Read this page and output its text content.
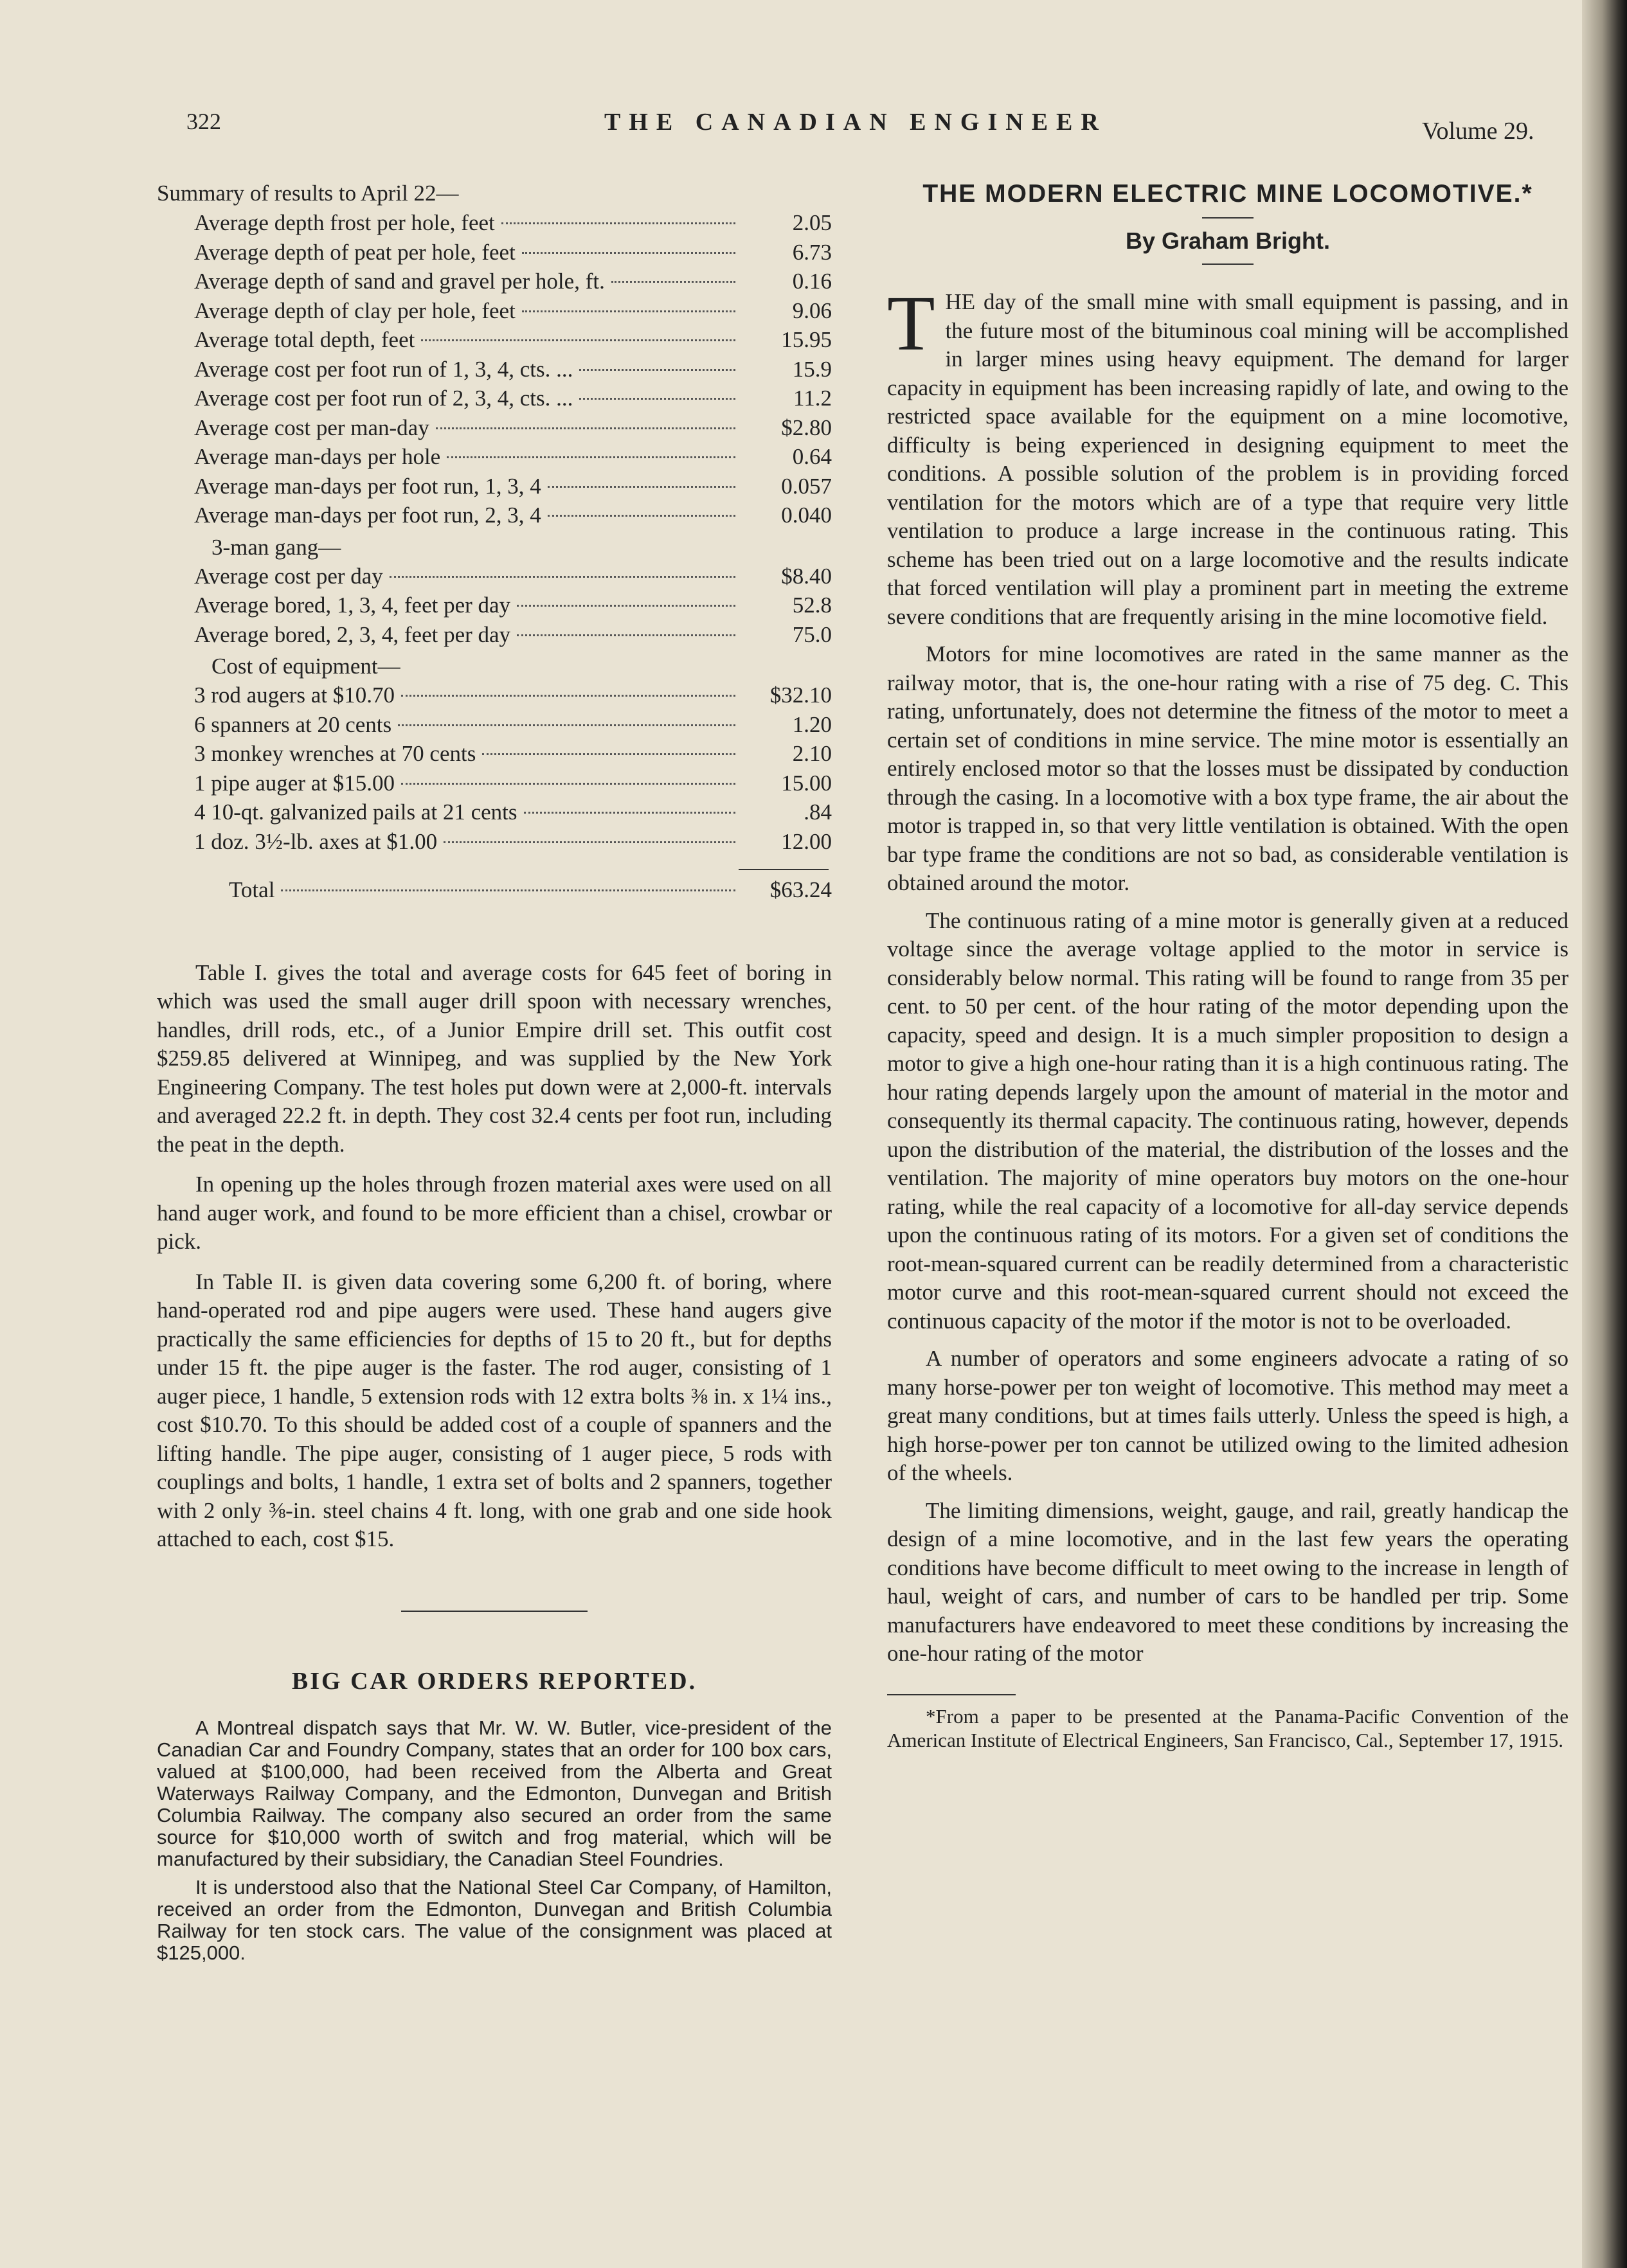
322	THE CANADIAN ENGINEER	Volume 29.
Summary of results to April 22—
Average depth frost per hole, feet	2.05
Average depth of peat per hole, feet	6.73
Average depth of sand and gravel per hole, ft.	0.16
Average depth of clay per hole, feet	9.06
Average total depth, feet	15.95
Average cost per foot run of 1, 3, 4, cts. ...	15.9
Average cost per foot run of 2, 3, 4, cts. ...	11.2
Average cost per man-day	$2.80
Average man-days per hole	0.64
Average man-days per foot run, 1, 3, 4	0.057
Average man-days per foot run, 2, 3, 4	0.040
3-man gang—
Average cost per day	$8.40
Average bored, 1, 3, 4, feet per day	52.8
Average bored, 2, 3, 4, feet per day	75.0
Cost of equipment—
3 rod augers at $10.70	$32.10
6 spanners at 20 cents	1.20
3 monkey wrenches at 70 cents	2.10
1 pipe auger at $15.00	15.00
4 10-qt. galvanized pails at 21 cents	.84
1 doz. 3½-lb. axes at $1.00	12.00
Total	$63.24

Table I. gives the total and average costs for 645 feet of boring in which was used the small auger drill spoon with necessary wrenches, handles, drill rods, etc., of a Junior Empire drill set. This outfit cost $259.85 delivered at Winnipeg, and was supplied by the New York Engineering Company. The test holes put down were at 2,000-ft. intervals and averaged 22.2 ft. in depth. They cost 32.4 cents per foot run, including the peat in the depth.

In opening up the holes through frozen material axes were used on all hand auger work, and found to be more efficient than a chisel, crowbar or pick.

In Table II. is given data covering some 6,200 ft. of boring, where hand-operated rod and pipe augers were used. These hand augers give practically the same efficiencies for depths of 15 to 20 ft., but for depths under 15 ft. the pipe auger is the faster. The rod auger, consisting of 1 auger piece, 1 handle, 5 extension rods with 12 extra bolts ⅜ in. x 1¼ ins., cost $10.70. To this should be added cost of a couple of spanners and the lifting handle. The pipe auger, consisting of 1 auger piece, 5 rods with couplings and bolts, 1 handle, 1 extra set of bolts and 2 spanners, together with 2 only ⅜-in. steel chains 4 ft. long, with one grab and one side hook attached to each, cost $15.

BIG CAR ORDERS REPORTED.

A Montreal dispatch says that Mr. W. W. Butler, vice-president of the Canadian Car and Foundry Company, states that an order for 100 box cars, valued at $100,000, had been received from the Alberta and Great Waterways Railway Company, and the Edmonton, Dunvegan and British Columbia Railway. The company also secured an order from the same source for $10,000 worth of switch and frog material, which will be manufactured by their subsidiary, the Canadian Steel Foundries.

It is understood also that the National Steel Car Company, of Hamilton, received an order from the Edmonton, Dunvegan and British Columbia Railway for ten stock cars. The value of the consignment was placed at $125,000.

THE MODERN ELECTRIC MINE LOCOMOTIVE.*
By Graham Bright.
T HE day of the small mine with small equipment is passing, and in the future most of the bituminous coal mining will be accomplished in larger mines using heavy equipment. The demand for larger capacity in equipment has been increasing rapidly of late, and owing to the restricted space available for the equipment on a mine locomotive, difficulty is being experienced in designing equipment to meet the conditions. A possible solution of the problem is in providing forced ventilation for the motors which are of a type that require very little ventilation to produce a large increase in the continuous rating. This scheme has been tried out on a large locomotive and the results indicate that forced ventilation will play a prominent part in meeting the extreme severe conditions that are frequently arising in the mine locomotive field.

Motors for mine locomotives are rated in the same manner as the railway motor, that is, the one-hour rating with a rise of 75 deg. C. This rating, unfortunately, does not determine the fitness of the motor to meet a certain set of conditions in mine service. The mine motor is essentially an entirely enclosed motor so that the losses must be dissipated by conduction through the casing. In a locomotive with a box type frame, the air about the motor is trapped in, so that very little ventilation is obtained. With the open bar type frame the conditions are not so bad, as considerable ventilation is obtained around the motor.

The continuous rating of a mine motor is generally given at a reduced voltage since the average voltage applied to the motor in service is considerably below normal. This rating will be found to range from 35 per cent. to 50 per cent. of the hour rating of the motor depending upon the capacity, speed and design. It is a much simpler proposition to design a motor to give a high one-hour rating than it is a high continuous rating. The hour rating depends largely upon the amount of material in the motor and consequently its thermal capacity. The continuous rating, however, depends upon the distribution of the material, the distribution of the losses and the ventilation. The majority of mine operators buy motors on the one-hour rating, while the real capacity of a locomotive for all-day service depends upon the continuous rating of its motors. For a given set of conditions the root-mean-squared current can be readily determined from a characteristic motor curve and this root-mean-squared current should not exceed the continuous capacity of the motor if the motor is not to be overloaded.

A number of operators and some engineers advocate a rating of so many horse-power per ton weight of locomotive. This method may meet a great many conditions, but at times fails utterly. Unless the speed is high, a high horse-power per ton cannot be utilized owing to the limited adhesion of the wheels.

The limiting dimensions, weight, gauge, and rail, greatly handicap the design of a mine locomotive, and in the last few years the operating conditions have become difficult to meet owing to the increase in length of haul, weight of cars, and number of cars to be handled per trip. Some manufacturers have endeavored to meet these conditions by increasing the one-hour rating of the motor

*From a paper to be presented at the Panama-Pacific Convention of the American Institute of Electrical Engineers, San Francisco, Cal., September 17, 1915.
